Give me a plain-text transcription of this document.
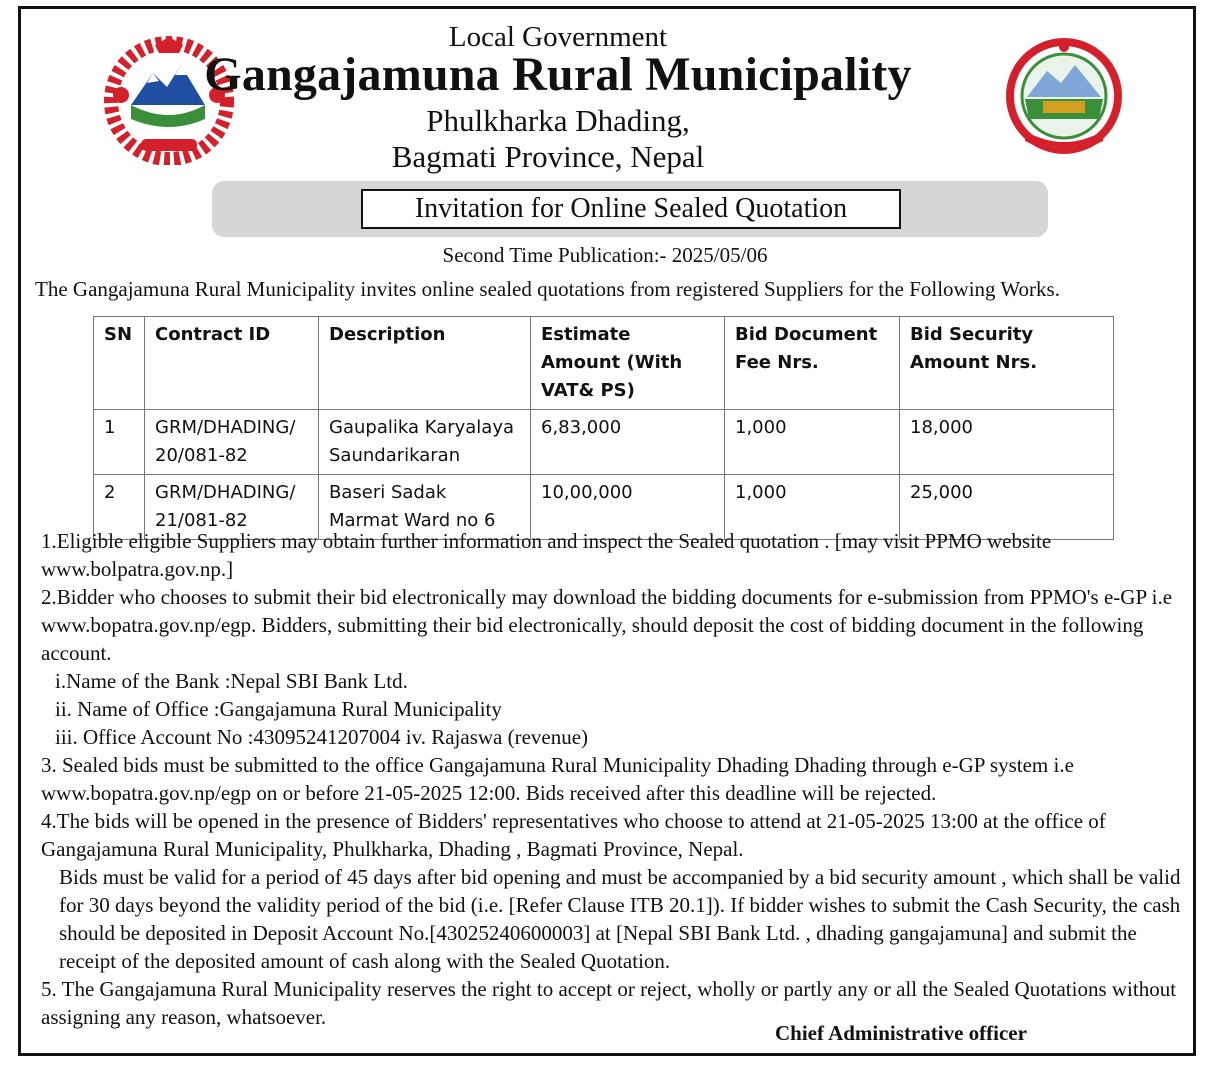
Local Government
Gangajamuna Rural Municipality
Phulkharka Dhading,
Bagmati Province, Nepal
Invitation for Online Sealed Quotation
Second Time Publication:- 2025/05/06
The Gangajamuna Rural Municipality invites online sealed quotations from registered Suppliers for the Following Works.
SN	Contract ID	Description	Estimate Amount (With VAT& PS)	Bid Document Fee Nrs.	Bid Security Amount Nrs.
1	GRM/DHADING/ 20/081-82	Gaupalika Karyalaya Saundarikaran	6,83,000	1,000	18,000
2	GRM/DHADING/ 21/081-82	Baseri Sadak Marmat Ward no 6	10,00,000	1,000	25,000

1.Eligible eligible Suppliers may obtain further information and inspect the Sealed quotation . [may visit PPMO website www.bolpatra.gov.np.]

2.Bidder who chooses to submit their bid electronically may download the bidding documents for e-submission from PPMO's e-GP i.e www.bopatra.gov.np/egp. Bidders, submitting their bid electronically, should deposit the cost of bidding document in the following account.

i.Name of the Bank :Nepal SBI Bank Ltd.

ii. Name of Office :Gangajamuna Rural Municipality

iii. Office Account No :43095241207004 iv. Rajaswa (revenue)

3. Sealed bids must be submitted to the office Gangajamuna Rural Municipality Dhading Dhading through e-GP system i.e www.bopatra.gov.np/egp on or before 21-05-2025 12:00. Bids received after this deadline will be rejected.

4.The bids will be opened in the presence of Bidders' representatives who choose to attend at 21-05-2025 13:00 at the office of Gangajamuna Rural Municipality, Phulkharka, Dhading , Bagmati Province, Nepal.

Bids must be valid for a period of 45 days after bid opening and must be accompanied by a bid security amount , which shall be valid for 30 days beyond the validity period of the bid (i.e. [Refer Clause ITB 20.1]). If bidder wishes to submit the Cash Security, the cash should be deposited in Deposit Account No.[43025240600003] at [Nepal SBI Bank Ltd. , dhading gangajamuna] and submit the receipt of the deposited amount of cash along with the Sealed Quotation.

5. The Gangajamuna Rural Municipality reserves the right to accept or reject, wholly or partly any or all the Sealed Quotations without assigning any reason, whatsoever.

Chief Administrative officer
